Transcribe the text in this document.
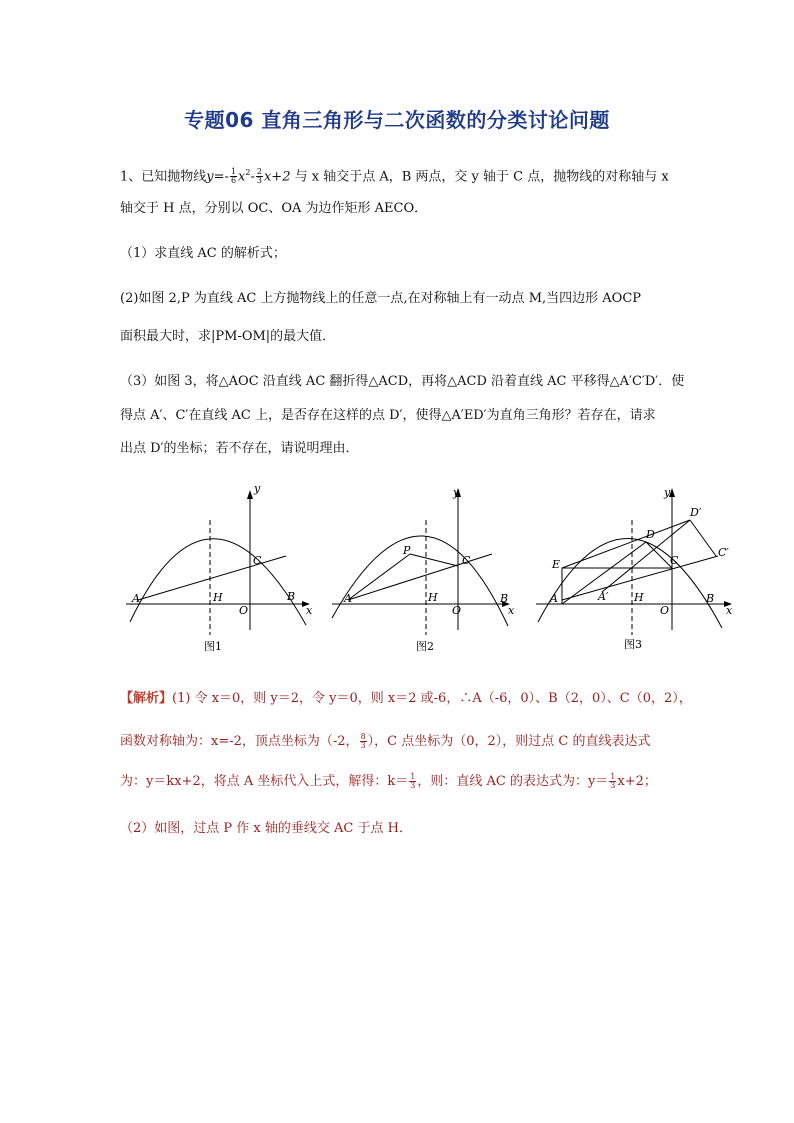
专题06 直角三角形与二次函数的分类讨论问题
1、已知抛物线$y=- \frac{1}{6} x^2- \frac{2}{3} x+2$ 与 x 轴交于点 A，B 两点，交 y 轴于 C 点，抛物线的对称轴与 x
轴交于 H 点，分别以 OC、OA 为边作矩形 AECO．
（1）求直线 AC 的解析式；
(2)如图 2,P 为直线 AC 上方抛物线上的任意一点,在对称轴上有一动点 M,当四边形 AOCP
面积最大时，求|PM-OM|的最大值．
（3）如图 3，将△AOC 沿直线 AC 翻折得△ACD，再将△ACD 沿着直线 AC 平移得△A′C′D′．使
得点 A′、C′在直线 AC 上，是否存在这样的点 D′，使得△A′ED′为直角三角形？若存在，请求
出点 D′的坐标；若不存在，请说明理由．
y
x
A	B
C
H
O
图1
y
x
A	B
C
H
O
P
图2
y
x
A	B
C
H
O
D
E
A′
C′
D′
图3
【解析】(1) 令 x＝0，则 y＝2，令 y＝0，则 x＝2 或-6，∴A（-6，0）、B（2，0）、C（0，2），
函数对称轴为：x=-2，顶点坐标为（-2， $\frac{8}{3}$ ），C 点坐标为（0，2），则过点 C 的直线表达式
为：y＝kx+2，将点 A 坐标代入上式，解得：$k= \frac{1}{3}$ ，则：直线 AC 的表达式为：$y= \frac{1}{3} x+2$；
（2）如图，过点 P 作 x 轴的垂线交 AC 于点 H．
